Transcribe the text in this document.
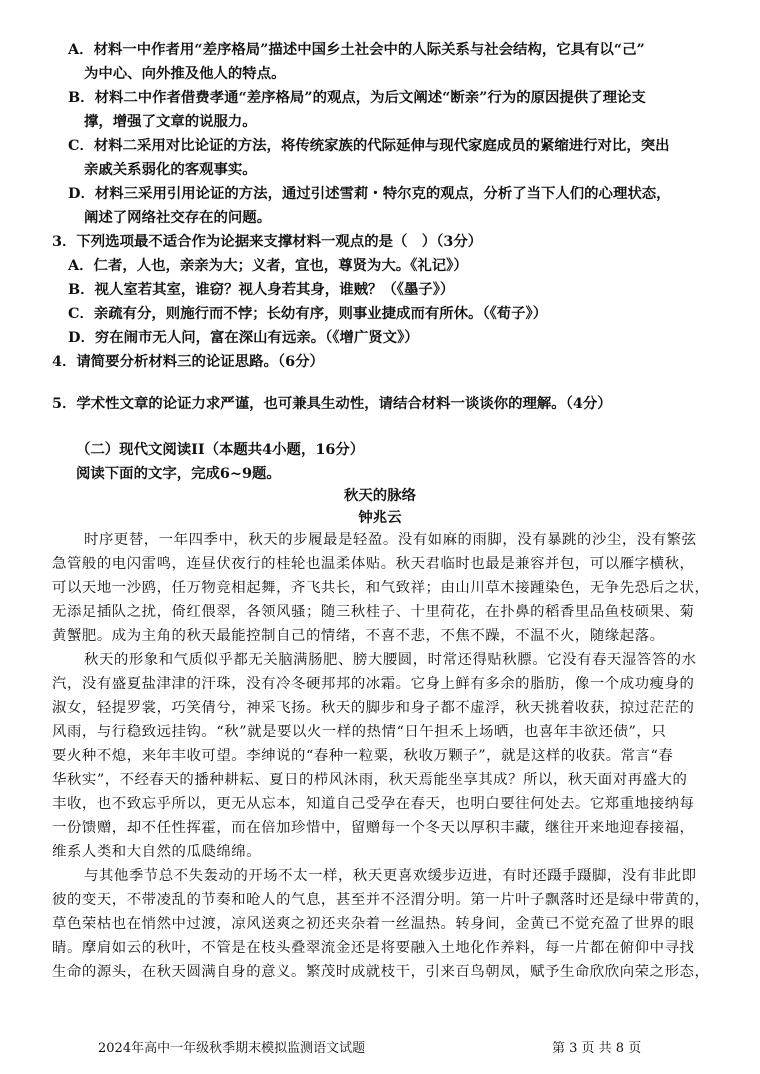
A．材料一中作者用“差序格局”描述中国乡土社会中的人际关系与社会结构，它具有以“己”
为中心、向外推及他人的特点。
B．材料二中作者借费孝通“差序格局”的观点，为后文阐述“断亲”行为的原因提供了理论支
撑，增强了文章的说服力。
C．材料二采用对比论证的方法，将传统家族的代际延伸与现代家庭成员的紧缩进行对比，突出
亲戚关系弱化的客观事实。
D．材料三采用引用论证的方法，通过引述雪莉・特尔克的观点，分析了当下人们的心理状态，
阐述了网络社交存在的问题。
3．下列选项最不适合作为论据来支撑材料一观点的是（　）（3分）
A．仁者，人也，亲亲为大；义者，宜也，尊贤为大。《礼记》）
B．视人室若其室，谁窃？视人身若其身，谁贼？（《墨子》）
C．亲疏有分，则施行而不悖；长幼有序，则事业捷成而有所休。（《荀子》）
D．穷在闹市无人问，富在深山有远亲。（《增广贤文》）
4．请简要分析材料三的论证思路。（6分）
5．学术性文章的论证力求严谨，也可兼具生动性，请结合材料一谈谈你的理解。（4分）
（二）现代文阅读II（本题共4小题，16分）
阅读下面的文字，完成6~9题。
秋天的脉络
钟兆云
时序更替，一年四季中，秋天的步履最是轻盈。没有如麻的雨脚，没有暴跳的沙尘，没有繁弦
急管般的电闪雷鸣，连昼伏夜行的桂轮也温柔体贴。秋天君临时也最是兼容并包，可以雁字横秋，
可以天地一沙鸥，任万物竞相起舞，齐飞共长，和气致祥；由山川草木接踵染色，无争先恐后之状，
无添足插队之扰，倚红偎翠，各领风骚；随三秋桂子、十里荷花，在扑鼻的稻香里品鱼枝硕果、菊
黄蟹肥。成为主角的秋天最能控制自己的情绪，不喜不悲，不焦不躁，不温不火，随缘起落。
秋天的形象和气质似乎都无关脑满肠肥、膀大腰圆，时常还得贴秋膘。它没有春天湿答答的水
汽，没有盛夏盐津津的汗珠，没有冷冬硬邦邦的冰霜。它身上鲜有多余的脂肪，像一个成功瘦身的
淑女，轻提罗裳，巧笑倩兮，神采飞扬。秋天的脚步和身子都不虚浮，秋天挑着收获，掠过茫茫的
风雨，与行稳致远挂钩。“秋”就是要以火一样的热情“日午担禾上场晒，也喜年丰欲还债”，只
要火种不熄，来年丰收可望。李绅说的“春种一粒粟，秋收万颗子”，就是这样的收获。常言“春
华秋实”，不经春天的播种耕耘、夏日的栉风沐雨，秋天焉能坐享其成？所以，秋天面对再盛大的
丰收，也不致忘乎所以，更无从忘本，知道自己受孕在春天，也明白要往何处去。它郑重地接纳每
一份馈赠，却不任性挥霍，而在倍加珍惜中，留赠每一个冬天以厚积丰藏，继往开来地迎春接福，
维系人类和大自然的瓜瓞绵绵。
与其他季节总不失轰动的开场不太一样，秋天更喜欢缓步迈进，有时还蹑手蹑脚，没有非此即
彼的变天，不带凌乱的节奏和呛人的气息，甚至并不泾渭分明。第一片叶子飘落时还是绿中带黄的，
草色荣枯也在悄然中过渡，凉风送爽之初还夹杂着一丝温热。转身间，金黄已不觉充盈了世界的眼
睛。摩肩如云的秋叶，不管是在枝头叠翠流金还是将要融入土地化作养料，每一片都在俯仰中寻找
生命的源头，在秋天圆满自身的意义。繁茂时成就枝干，引来百鸟朝凤，赋予生命欣欣向荣之形态，
2024年高中一年级秋季期末模拟监测语文试题	第 3 页 共 8 页
